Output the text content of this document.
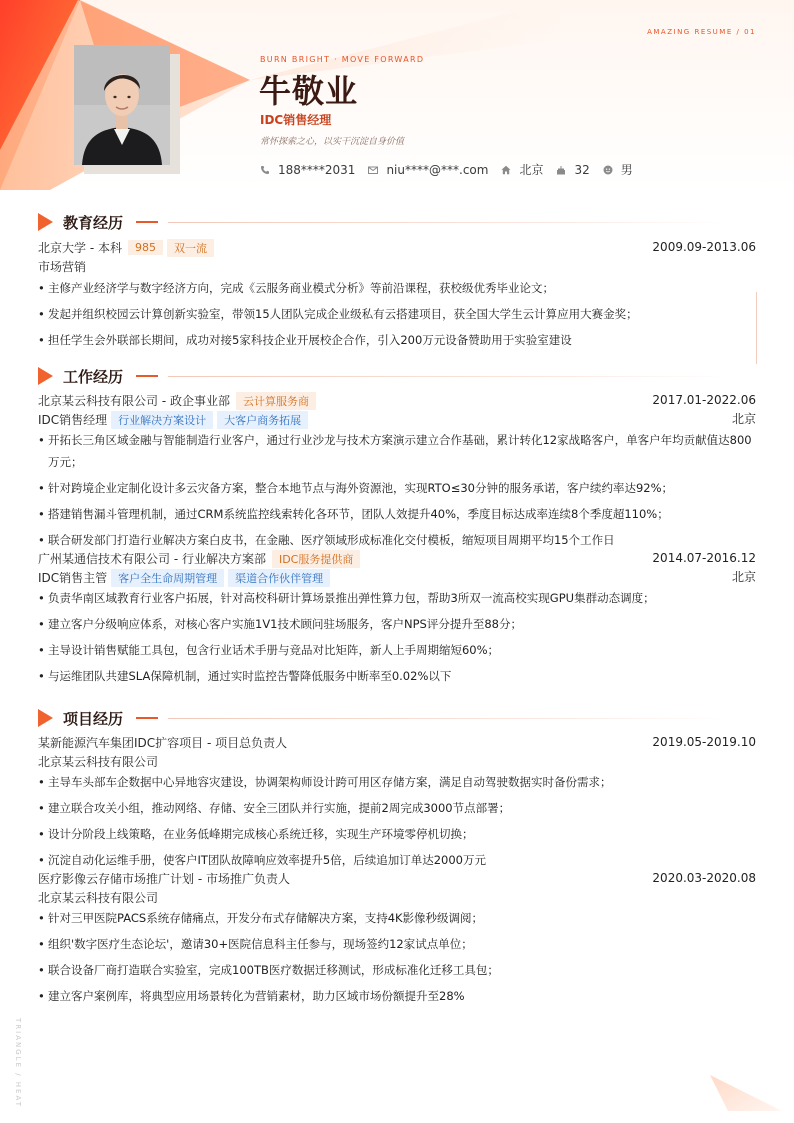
AMAZING RESUME / 01
BURN BRIGHT · MOVE FORWARD
牛敬业
IDC销售经理
常怀探索之心，以实干沉淀自身价值
188****2031	niu****@***.com	北京	32	男
教育经历
北京大学 - 本科	985	双一流	2009.09-2013.06
市场营销
• 主修产业经济学与数字经济方向，完成《云服务商业模式分析》等前沿课程，获校级优秀毕业论文；
• 发起并组织校园云计算创新实验室，带领15人团队完成企业级私有云搭建项目，获全国大学生云计算应用大赛金奖；
• 担任学生会外联部长期间，成功对接5家科技企业开展校企合作，引入200万元设备赞助用于实验室建设
工作经历
北京某云科技有限公司 - 政企事业部	云计算服务商	2017.01-2022.06
IDC销售经理	行业解决方案设计	大客户商务拓展	北京
• 开拓长三角区域金融与智能制造行业客户，通过行业沙龙与技术方案演示建立合作基础，累计转化12家战略客户，单客户年均贡献值达800万元；
• 针对跨境企业定制化设计多云灾备方案，整合本地节点与海外资源池，实现RTO≤30分钟的服务承诺，客户续约率达92%；
• 搭建销售漏斗管理机制，通过CRM系统监控线索转化各环节，团队人效提升40%，季度目标达成率连续8个季度超110%；
• 联合研发部门打造行业解决方案白皮书，在金融、医疗领域形成标准化交付模板，缩短项目周期平均15个工作日
广州某通信技术有限公司 - 行业解决方案部	IDC服务提供商	2014.07-2016.12
IDC销售主管	客户全生命周期管理	渠道合作伙伴管理	北京
• 负责华南区域教育行业客户拓展，针对高校科研计算场景推出弹性算力包，帮助3所双一流高校实现GPU集群动态调度；
• 建立客户分级响应体系，对核心客户实施1V1技术顾问驻场服务，客户NPS评分提升至88分；
• 主导设计销售赋能工具包，包含行业话术手册与竞品对比矩阵，新人上手周期缩短60%；
• 与运维团队共建SLA保障机制，通过实时监控告警降低服务中断率至0.02%以下
项目经历
某新能源汽车集团IDC扩容项目 - 项目总负责人	2019.05-2019.10
北京某云科技有限公司
• 主导车头部车企数据中心异地容灾建设，协调架构师设计跨可用区存储方案，满足自动驾驶数据实时备份需求；
• 建立联合攻关小组，推动网络、存储、安全三团队并行实施，提前2周完成3000节点部署；
• 设计分阶段上线策略，在业务低峰期完成核心系统迁移，实现生产环境零停机切换；
• 沉淀自动化运维手册，使客户IT团队故障响应效率提升5倍，后续追加订单达2000万元
医疗影像云存储市场推广计划 - 市场推广负责人	2020.03-2020.08
北京某云科技有限公司
• 针对三甲医院PACS系统存储痛点，开发分布式存储解决方案，支持4K影像秒级调阅；
• 组织'数字医疗生态论坛'，邀请30+医院信息科主任参与，现场签约12家试点单位；
• 联合设备厂商打造联合实验室，完成100TB医疗数据迁移测试，形成标准化迁移工具包；
• 建立客户案例库，将典型应用场景转化为营销素材，助力区域市场份额提升至28%
TRIANGLE / HEAT
